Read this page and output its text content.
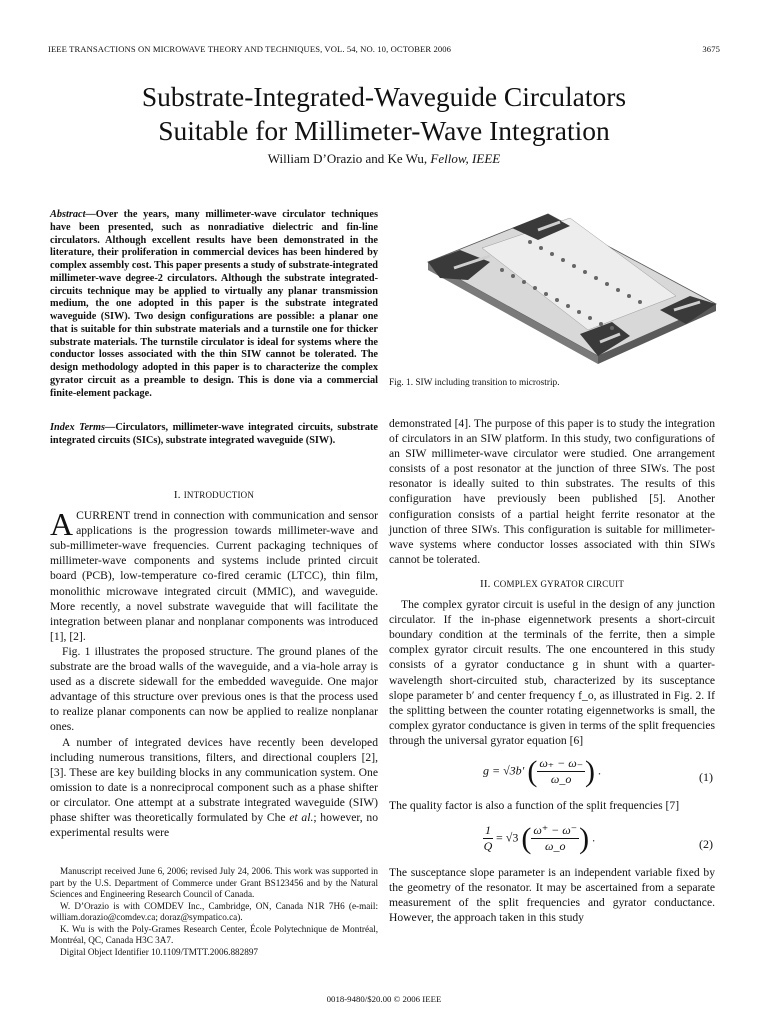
IEEE TRANSACTIONS ON MICROWAVE THEORY AND TECHNIQUES, VOL. 54, NO. 10, OCTOBER 2006	3675
Substrate-Integrated-Waveguide Circulators
Suitable for Millimeter-Wave Integration
William D’Orazio and Ke Wu, Fellow, IEEE
Abstract—Over the years, many millimeter-wave circulator techniques have been presented, such as nonradiative dielectric and fin-line circulators. Although excellent results have been demonstrated in the literature, their proliferation in commercial devices has been hindered by complex assembly cost. This paper presents a study of substrate-integrated millimeter-wave degree-2 circulators. Although the substrate integrated-circuits technique may be applied to virtually any planar transmission medium, the one adopted in this paper is the substrate integrated waveguide (SIW). Two design configurations are possible: a planar one that is suitable for thin substrate materials and a turnstile one for thicker substrate materials. The turnstile circulator is ideal for systems where the conductor losses associated with the thin SIW cannot be tolerated. The design methodology adopted in this paper is to characterize the complex gyrator circuit as a preamble to design. This is done via a commercial finite-element package.
Index Terms—Circulators, millimeter-wave integrated circuits, substrate integrated circuits (SICs), substrate integrated waveguide (SIW).
I. INTRODUCTION

ACURRENT trend in connection with communication and sensor applications is the progression towards millimeter-wave and sub-millimeter-wave frequencies. Current packaging techniques of millimeter-wave components and systems include printed circuit board (PCB), low-temperature co-fired ceramic (LTCC), thin film, monolithic microwave integrated circuit (MMIC), and waveguide. More recently, a novel substrate waveguide that will facilitate the integration between planar and nonplanar components was introduced [1], [2].

Fig. 1 illustrates the proposed structure. The ground planes of the substrate are the broad walls of the waveguide, and a via-hole array is used as a discrete sidewall for the embedded waveguide. One major advantage of this structure over previous ones is that the process used to realize planar components can now be applied to realize nonplanar ones.

A number of integrated devices have recently been developed including numerous transitions, filters, and directional couplers [2], [3]. These are key building blocks in any communication system. One omission to date is a nonreciprocal component such as a phase shifter or circulator. One attempt at a substrate integrated waveguide (SIW) phase shifter was theoretically formulated by Che et al.; however, no experimental results were

Manuscript received June 6, 2006; revised July 24, 2006. This work was supported in part by the U.S. Department of Commerce under Grant BS123456 and by the Natural Sciences and Engineering Research Council of Canada.

W. D’Orazio is with COMDEV Inc., Cambridge, ON, Canada N1R 7H6 (e-mail: william.dorazio@comdev.ca; doraz@sympatico.ca).

K. Wu is with the Poly-Grames Research Center, École Polytechnique de Montréal, Montréal, QC, Canada H3C 3A7.

Digital Object Identifier 10.1109/TMTT.2006.882897

Fig. 1. SIW including transition to microstrip.

demonstrated [4]. The purpose of this paper is to study the integration of circulators in an SIW platform. In this study, two configurations of an SIW millimeter-wave circulator were studied. One arrangement consists of a post resonator at the junction of three SIWs. The post resonator is ideally suited to thin substrates. The results of this configuration have previously been published [5]. Another configuration consists of a partial height ferrite resonator at the junction of three SIWs. This configuration is suitable for millimeter-wave systems where conductor losses associated with thin SIWs cannot be tolerated.

II. COMPLEX GYRATOR CIRCUIT

The complex gyrator circuit is useful in the design of any junction circulator. If the in-phase eigennetwork presents a short-circuit boundary condition at the terminals of the ferrite, then a simple complex gyrator circuit results. The one encountered in this study consists of a gyrator conductance g in shunt with a quarter-wavelength short-circuited stub, characterized by its susceptance slope parameter b′ and center frequency f_o, as illustrated in Fig. 2. If the splitting between the counter rotating eigennetworks is small, the complex gyrator conductance is given in terms of the split frequencies through the universal gyrator equation [6]

g = √3b′ ( $\frac{\omega_+ - \omega_-}{\omega\_o}$ ) .	(1)

The quality factor is also a function of the split frequencies [7]

$\frac{1}{Q} = √3$ ( $\frac{\omega^+ - \omega^-}{\omega\_o}$ ) .	(2)

The susceptance slope parameter is an independent variable fixed by the geometry of the resonator. It may be ascertained from a separate measurement of the split frequencies and gyrator conductance. However, the approach taken in this study

0018-9480/$20.00 © 2006 IEEE
